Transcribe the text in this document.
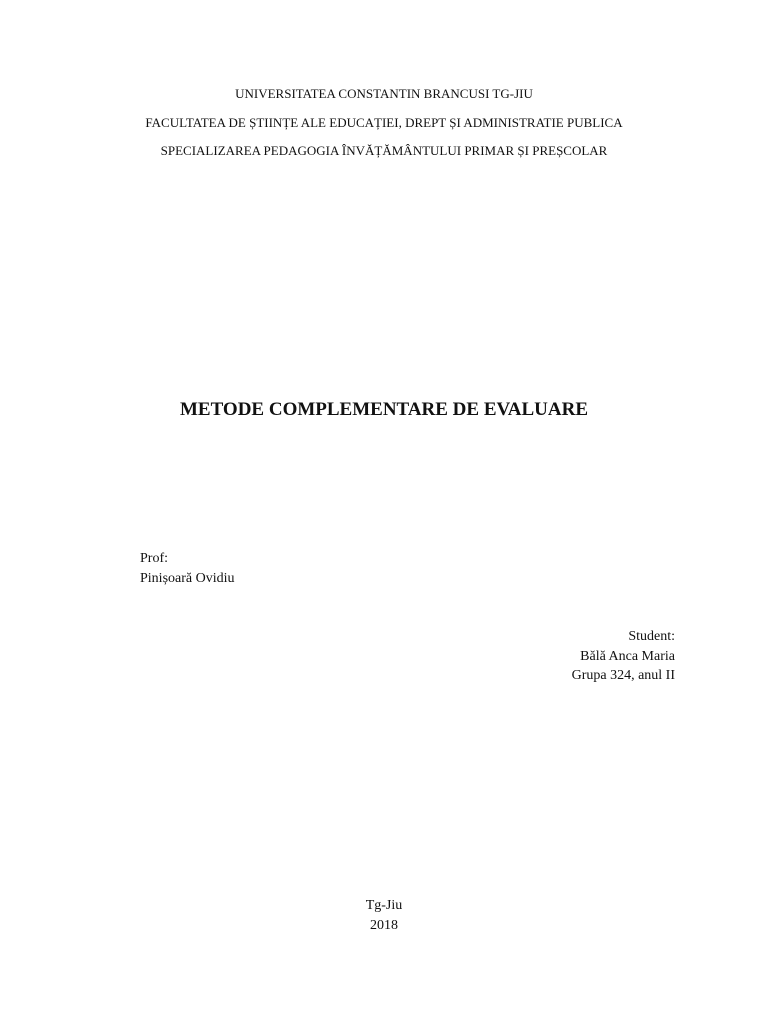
UNIVERSITATEA CONSTANTIN BRANCUSI TG-JIU
FACULTATEA DE ȘTIINȚE ALE EDUCAȚIEI, DREPT ȘI ADMINISTRATIE PUBLICA
SPECIALIZAREA PEDAGOGIA ÎNVĂȚĂMÂNTULUI PRIMAR ȘI PREȘCOLAR
METODE COMPLEMENTARE DE EVALUARE
Prof:
Pinișoară Ovidiu
Student:
Bălă Anca Maria
Grupa 324, anul II
Tg-Jiu
2018
